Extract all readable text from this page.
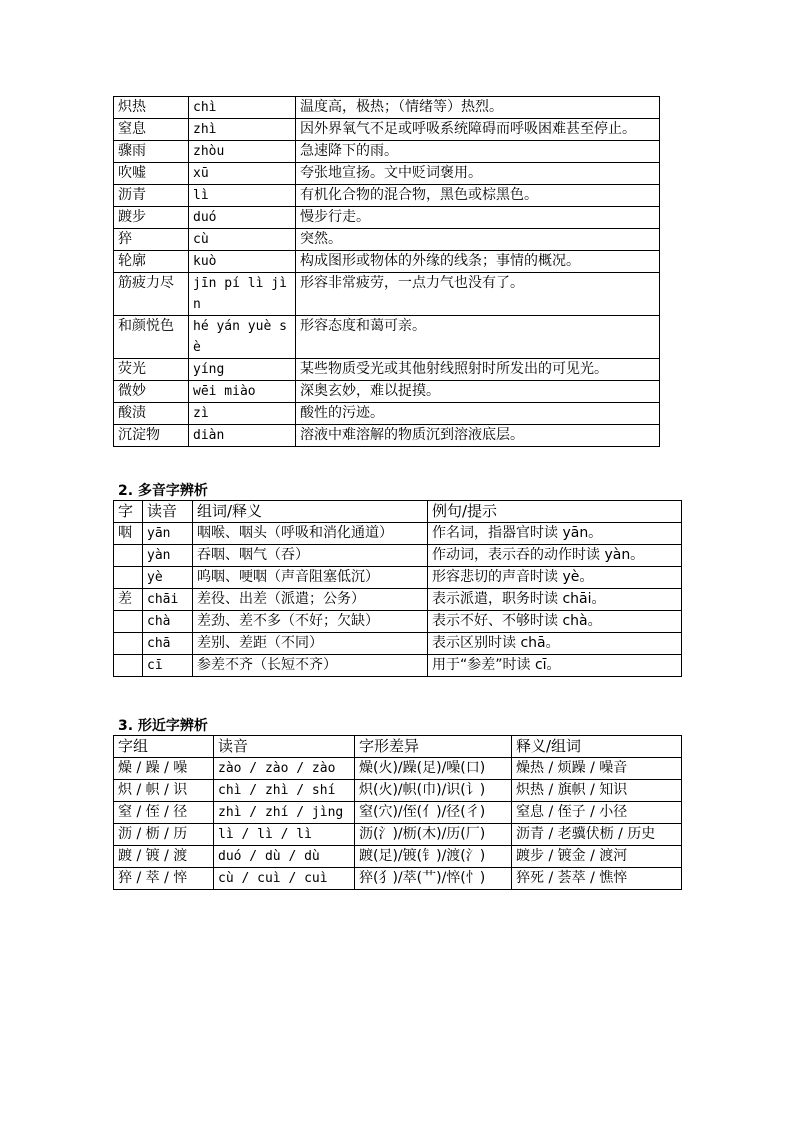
炽热	chì	温度高，极热；（情绪等）热烈。
窒息	zhì	因外界氧气不足或呼吸系统障碍而呼吸困难甚至停止。
骤雨	zhòu	急速降下的雨。
吹嘘	xū	夸张地宣扬。文中贬词褒用。
沥青	lì	有机化合物的混合物，黑色或棕黑色。
踱步	duó	慢步行走。
猝	cù	突然。
轮廓	kuò	构成图形或物体的外缘的线条；事情的概况。
筋疲力尽	jīn pí lì jìn	形容非常疲劳，一点力气也没有了。
和颜悦色	hé yán yuè sè	形容态度和蔼可亲。
荧光	yíng	某些物质受光或其他射线照射时所发出的可见光。
微妙	wēi miào	深奥玄妙，难以捉摸。
酸渍	zì	酸性的污迹。
沉淀物	diàn	溶液中难溶解的物质沉到溶液底层。
2. 多音字辨析
字	读音	组词/释义	例句/提示
咽	yān	咽喉、咽头（呼吸和消化通道）	作名词，指器官时读 yān。
	yàn	吞咽、咽气（吞）	作动词，表示吞的动作时读 yàn。
	yè	呜咽、哽咽（声音阻塞低沉）	形容悲切的声音时读 yè。
差	chāi	差役、出差（派遣；公务）	表示派遣，职务时读 chāi。
	chà	差劲、差不多（不好；欠缺）	表示不好、不够时读 chà。
	chā	差别、差距（不同）	表示区别时读 chā。
	cī	参差不齐（长短不齐）	用于“参差”时读 cī。
3. 形近字辨析
字组	读音	字形差异	释义/组词
燥 / 躁 / 噪	zào / zào / zào	燥(火)/躁(足)/噪(口)	燥热 / 烦躁 / 噪音
炽 / 帜 / 识	chì / zhì / shí	炽(火)/帜(巾)/识(讠)	炽热 / 旗帜 / 知识
窒 / 侄 / 径	zhì / zhí / jìng	窒(穴)/侄(亻)/径(彳)	窒息 / 侄子 / 小径
沥 / 枥 / 历	lì / lì / lì	沥(氵)/枥(木)/历(厂)	沥青 / 老骥伏枥 / 历史
踱 / 镀 / 渡	duó / dù / dù	踱(足)/镀(钅)/渡(氵)	踱步 / 镀金 / 渡河
猝 / 萃 / 悴	cù / cuì / cuì	猝(犭)/萃(艹)/悴(忄)	猝死 / 荟萃 / 憔悴
